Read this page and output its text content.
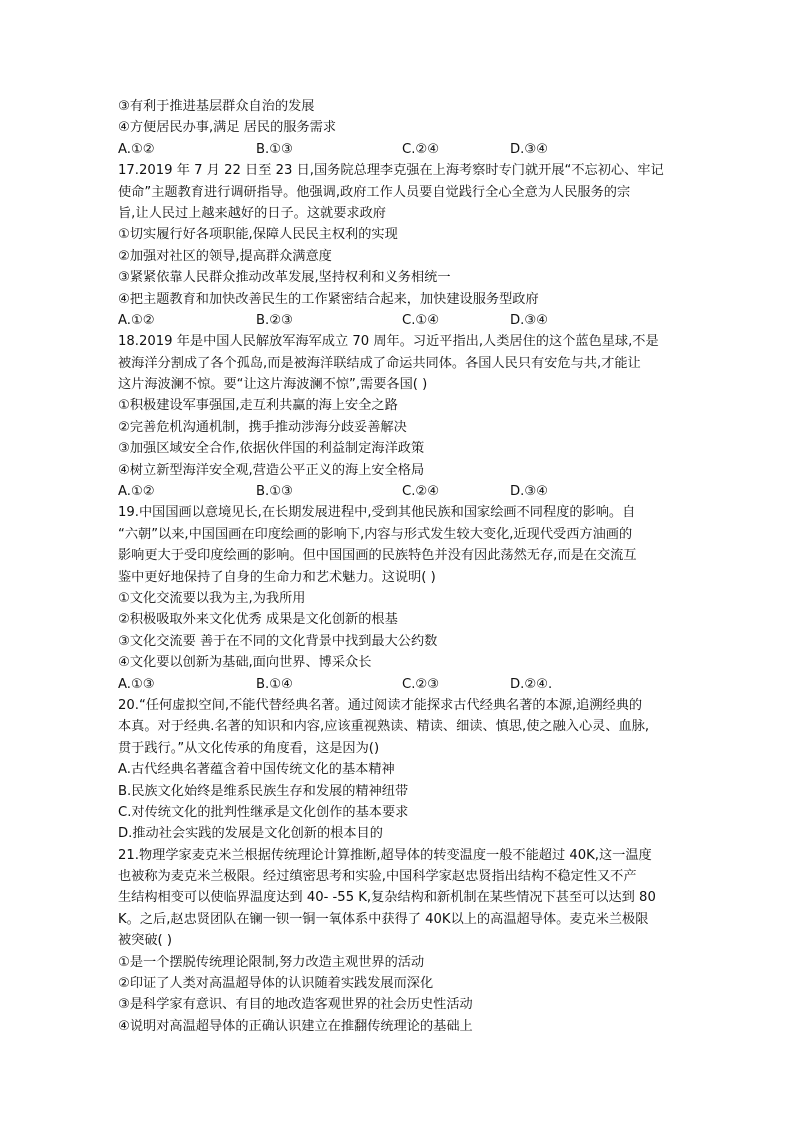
③有利于推进基层群众自治的发展
④方便居民办事,满足 居民的服务需求
A.①②	B.①③	C.②④	D.③④
17.2019 年 7 月 22 日至 23 日,国务院总理李克强在上海考察时专门就开展“不忘初心、牢记
使命”主题教育进行调研指导。他强调,政府工作人员要自觉践行全心全意为人民服务的宗
旨,让人民过上越来越好的日子。这就要求政府
①切实履行好各项职能,保障人民民主权利的实现
②加强对社区的领导,提高群众满意度
③紧紧依靠人民群众推动改革发展,坚持权利和义务相统一
④把主题教育和加快改善民生的工作紧密结合起来，加快建设服务型政府
A.①②	B.②③	C.①④	D.③④
18.2019 年是中国人民解放军海军成立 70 周年。习近平指出,人类居住的这个蓝色星球,不是
被海洋分割成了各个孤岛,而是被海洋联结成了命运共同体。各国人民只有安危与共,才能让
这片海波澜不惊。要“让这片海波澜不惊”,需要各国( )
①积极建设军事强国,走互利共赢的海上安全之路
②完善危机沟通机制，携手推动涉海分歧妥善解决
③加强区域安全合作,依据伙伴国的利益制定海洋政策
④树立新型海洋安全观,营造公平正义的海上安全格局
A.①②	B.①③	C.②④	D.③④
19.中国国画以意境见长,在长期发展进程中,受到其他民族和国家绘画不同程度的影响。自
“六朝”以来,中国国画在印度绘画的影响下,内容与形式发生较大变化,近现代受西方油画的
影响更大于受印度绘画的影响。但中国国画的民族特色并没有因此荡然无存,而是在交流互
鉴中更好地保持了自身的生命力和艺术魅力。这说明( )
①文化交流要以我为主,为我所用
②积极吸取外来文化优秀 成果是文化创新的根基
③文化交流要 善于在不同的文化背景中找到最大公约数
④文化要以创新为基础,面向世界、博采众长
A.①③	B.①④	C.②③	D.②④.
20.“任何虚拟空间,不能代替经典名著。通过阅读才能探求古代经典名著的本源,追溯经典的
本真。对于经典.名著的知识和内容,应该重视熟读、精读、细读、慎思,使之融入心灵、血脉,
贯于践行。”从文化传承的角度看，这是因为()
A.古代经典名著蕴含着中国传统文化的基本精神
B.民族文化始终是维系民族生存和发展的精神纽带
C.对传统文化的批判性继承是文化创作的基本要求
D.推动社会实践的发展是文化创新的根本目的
21.物理学家麦克米兰根据传统理论计算推断,超导体的转变温度一般不能超过 40K,这一温度
也被称为麦克米兰极限。经过缜密思考和实验,中国科学家赵忠贤指出结构不稳定性又不产
生结构相变可以使临界温度达到 40- -55 K,复杂结构和新机制在某些情况下甚至可以达到 80
K。之后,赵忠贤团队在镧一钡一铜一氧体系中获得了 40K以上的高温超导体。麦克米兰极限
被突破( )
①是一个摆脱传统理论限制,努力改造主观世界的活动
②印证了人类对高温超导体的认识随着实践发展而深化
③是科学家有意识、有目的地改造客观世界的社会历史性活动
④说明对高温超导体的正确认识建立在推翻传统理论的基础上
